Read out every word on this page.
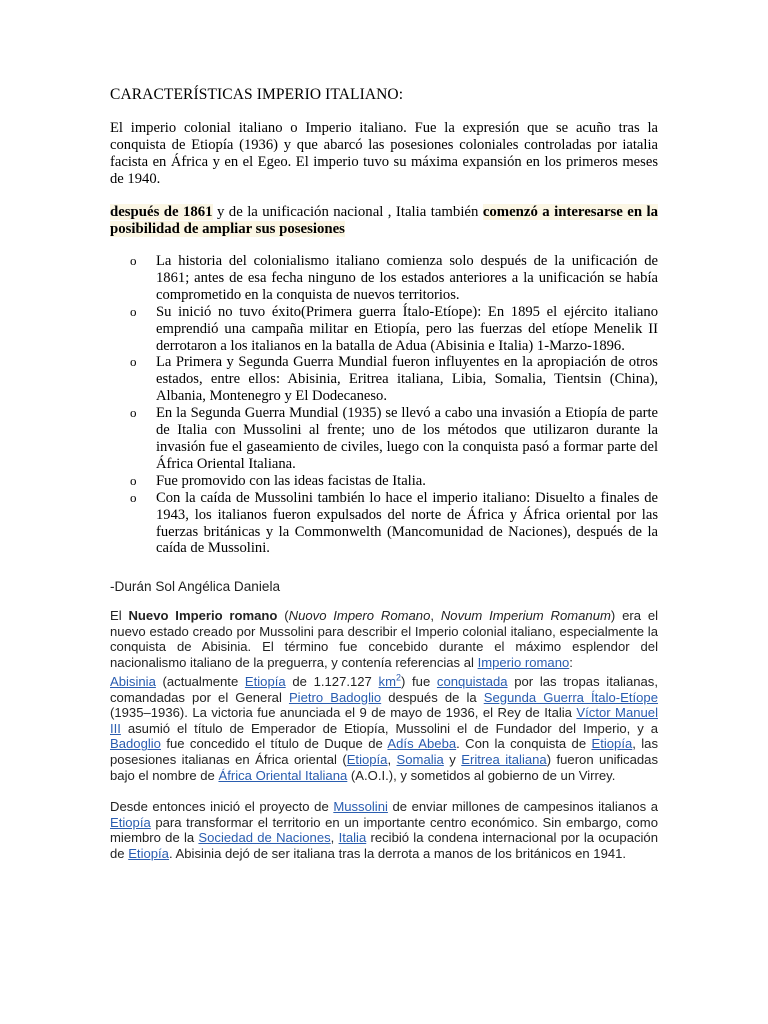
CARACTERÍSTICAS IMPERIO ITALIANO:

El imperio colonial italiano o Imperio italiano. Fue la expresión que se acuño tras la conquista de Etiopía (1936) y que abarcó las posesiones coloniales controladas por iatalia facista en África y en el Egeo. El imperio tuvo su máxima expansión en los primeros meses de 1940.

después de 1861 y de la unificación nacional , Italia también comenzó a interesarse en la posibilidad de ampliar sus posesiones

o La historia del colonialismo italiano comienza solo después de la unificación de 1861; antes de esa fecha ninguno de los estados anteriores a la unificación se había comprometido en la conquista de nuevos territorios.
o Su inició no tuvo éxito(Primera guerra Ítalo-Etíope): En 1895 el ejército italiano emprendió una campaña militar en Etiopía, pero las fuerzas del etíope Menelik II derrotaron a los italianos en la batalla de Adua (Abisinia e Italia) 1-Marzo-1896.
o La Primera y Segunda Guerra Mundial fueron influyentes en la apropiación de otros estados, entre ellos: Abisinia, Eritrea italiana, Libia, Somalia, Tientsin (China), Albania, Montenegro y El Dodecaneso.
o En la Segunda Guerra Mundial (1935) se llevó a cabo una invasión a Etiopía de parte de Italia con Mussolini al frente; uno de los métodos que utilizaron durante la invasión fue el gaseamiento de civiles, luego con la conquista pasó a formar parte del África Oriental Italiana.
o Fue promovido con las ideas facistas de Italia.
o Con la caída de Mussolini también lo hace el imperio italiano: Disuelto a finales de 1943, los italianos fueron expulsados del norte de África y África oriental por las fuerzas británicas y la Commonwelth (Mancomunidad de Naciones), después de la caída de Mussolini.
-Durán Sol Angélica Daniela

El Nuevo Imperio romano (Nuovo Impero Romano, Novum Imperium Romanum) era el nuevo estado creado por Mussolini para describir el Imperio colonial italiano, especialmente la conquista de Abisinia. El término fue concebido durante el máximo esplendor del nacionalismo italiano de la preguerra, y contenía referencias al Imperio romano:

Abisinia (actualmente Etiopía de 1.127.127 $km^2$) fue conquistada por las tropas italianas, comandadas por el General Pietro Badoglio después de la Segunda Guerra Ítalo-Etíope (1935–1936). La victoria fue anunciada el 9 de mayo de 1936, el Rey de Italia Víctor Manuel III asumió el título de Emperador de Etiopía, Mussolini el de Fundador del Imperio, y a Badoglio fue concedido el título de Duque de Adís Abeba. Con la conquista de Etiopía, las posesiones italianas en África oriental (Etiopía, Somalia y Eritrea italiana) fueron unificadas bajo el nombre de África Oriental Italiana (A.O.I.), y sometidos al gobierno de un Virrey.

Desde entonces inició el proyecto de Mussolini de enviar millones de campesinos italianos a Etiopía para transformar el territorio en un importante centro económico. Sin embargo, como miembro de la Sociedad de Naciones, Italia recibió la condena internacional por la ocupación de Etiopía. Abisinia dejó de ser italiana tras la derrota a manos de los británicos en 1941.
